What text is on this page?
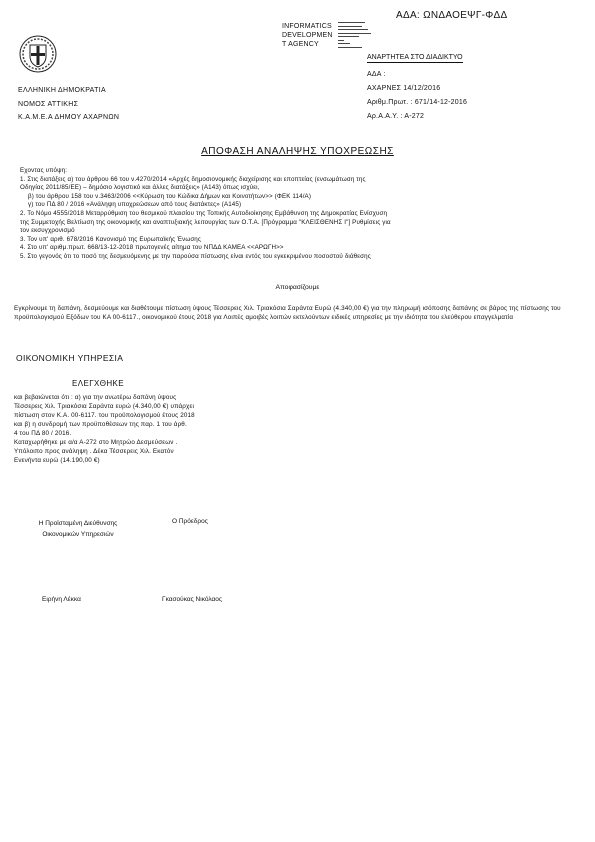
ΑΔΑ: ΩΝΔΑΟΕΨΓ-ΦΔΔ
INFORMATICS
DEVELOPMEN
T AGENCY
▬▬▬▬▬▬▬▬▬
▬▬▬▬▬▬▬▬
▬▬▬▬▬▬▬▬▬▬
▬▬▬▬▬▬▬▬▬▬▬
▬▬▬▬▬▬▬
▬▬
▬▬▬▬
▬▬▬▬▬▬▬▬
ΑΝΑΡΤΗΤΕΑ ΣΤΟ ΔΙΑΔΙΚΤΥΟ
ΕΛΛΗΝΙΚΗ ΔΗΜΟΚΡΑΤΙΑ
ΝΟΜΟΣ ΑΤΤΙΚΗΣ
Κ.Α.Μ.Ε.Α ΔΗΜΟΥ ΑΧΑΡΝΩΝ
ΑΔΑ :
ΑΧΑΡΝΕΣ 14/12/2016
Αριθμ.Πρωτ. : 671/14-12-2016
Αρ.Α.Α.Υ. : Α-272
ΑΠΟΦΑΣΗ ΑΝΑΛΗΨΗΣ ΥΠΟΧΡΕΩΣΗΣ

Εχοντας υπόψη:

1. Στις διατάξεις α) του άρθρου 66 του ν.4270/2014 «Αρχές δημοσιονομικής διαχείρισης και εποπτείας (ενσωμάτωση της

Οδηγίας 2011/85/ΕΕ) – δημόσιο λογιστικό και άλλες διατάξεις» (Α143) όπως ισχύει,

β) του άρθρου 158 του ν.3463/2006 <<Κύρωση του Κώδικα Δήμων και Κοινοτήτων>> (ΦΕΚ 114/Α)

γ) του ΠΔ 80 / 2016 «Ανάληψη υποχρεώσεων από τους διατάκτες» (Α145)

2. Το Νόμο 4555/2018 Μεταρρύθμιση του θεσμικού πλαισίου της Τοπικής Αυτοδιοίκησης Εμβάθυνση της Δημοκρατίας Ενίσχυση

της Συμμετοχής Βελτίωση της οικονομικής και αναπτυξιακής λειτουργίας των Ο.Τ.Α. [Πρόγραμμα "ΚΛΕΙΣΘΕΝΗΣ Ι"] Ρυθμίσεις για

τον εκσυγχρονισμό

3. Τον υπ' αριθ. 678/2016 Κανονισμό της Ευρωπαϊκής Ένωσης

4. Στο υπ' αριθμ.πρωτ. 668/13-12-2018 πρωτογενές αίτημα του ΝΠΔΔ ΚΑΜΕΑ <<ΑΡΩΓΗ>>

5. Στο γεγονός ότι το ποσό της δεσμευόμενης με την παρούσα πίστωσης είναι εντός του εγκεκριμένου ποσοστού διάθεσης

Αποφασίζουμε
Εγκρίνουμε τη δαπάνη, δεσμεύουμε και διαθέτουμε πίστωση ύψους Τέσσερεις Χιλ. Τριακόσια Σαράντα Ευρώ (4.340,00 €) για την πληρωμή ισόποσης δαπάνης σε βάρος της πίστωσης του προϋπολογισμού Εξόδων του ΚΑ 00-6117., οικονομικού έτους 2018 για Λοιπές αμοιβές λοιπών εκτελούντων ειδικές υπηρεσίες με την ιδιότητα του ελεύθερου επαγγελματία
ΟΙΚΟΝΟΜΙΚΗ ΥΠΗΡΕΣΙΑ
ΕΛΕΓΧΘΗΚΕ

και βεβαιώνεται ότι : α) για την ανωτέρω δαπάνη ύψους

Τέσσερεις Χιλ. Τριακόσια Σαράντα ευρώ (4.340,00 €) υπάρχει

πίστωση στον Κ.Α. 00-6117. του προϋπολογισμού έτους 2018

και β) η συνδρομή των προϋποθέσεων της παρ. 1 του άρθ.

4 του ΠΔ 80 / 2016.

Καταχωρήθηκε με α/α Α-272 στο Μητρώο Δεσμεύσεων .

Υπόλοιπο προς ανάληψη . Δέκα Τέσσερεις Χιλ. Εκατόν

Ενενήντα ευρώ (14.190,00 €)

Η Προϊσταμένη Διεύθυνσης
Οικονομικών Υπηρεσιών
Ο Πρόεδρος
Ειρήνη Λέκκα	Γκασούκας Νικόλαος
